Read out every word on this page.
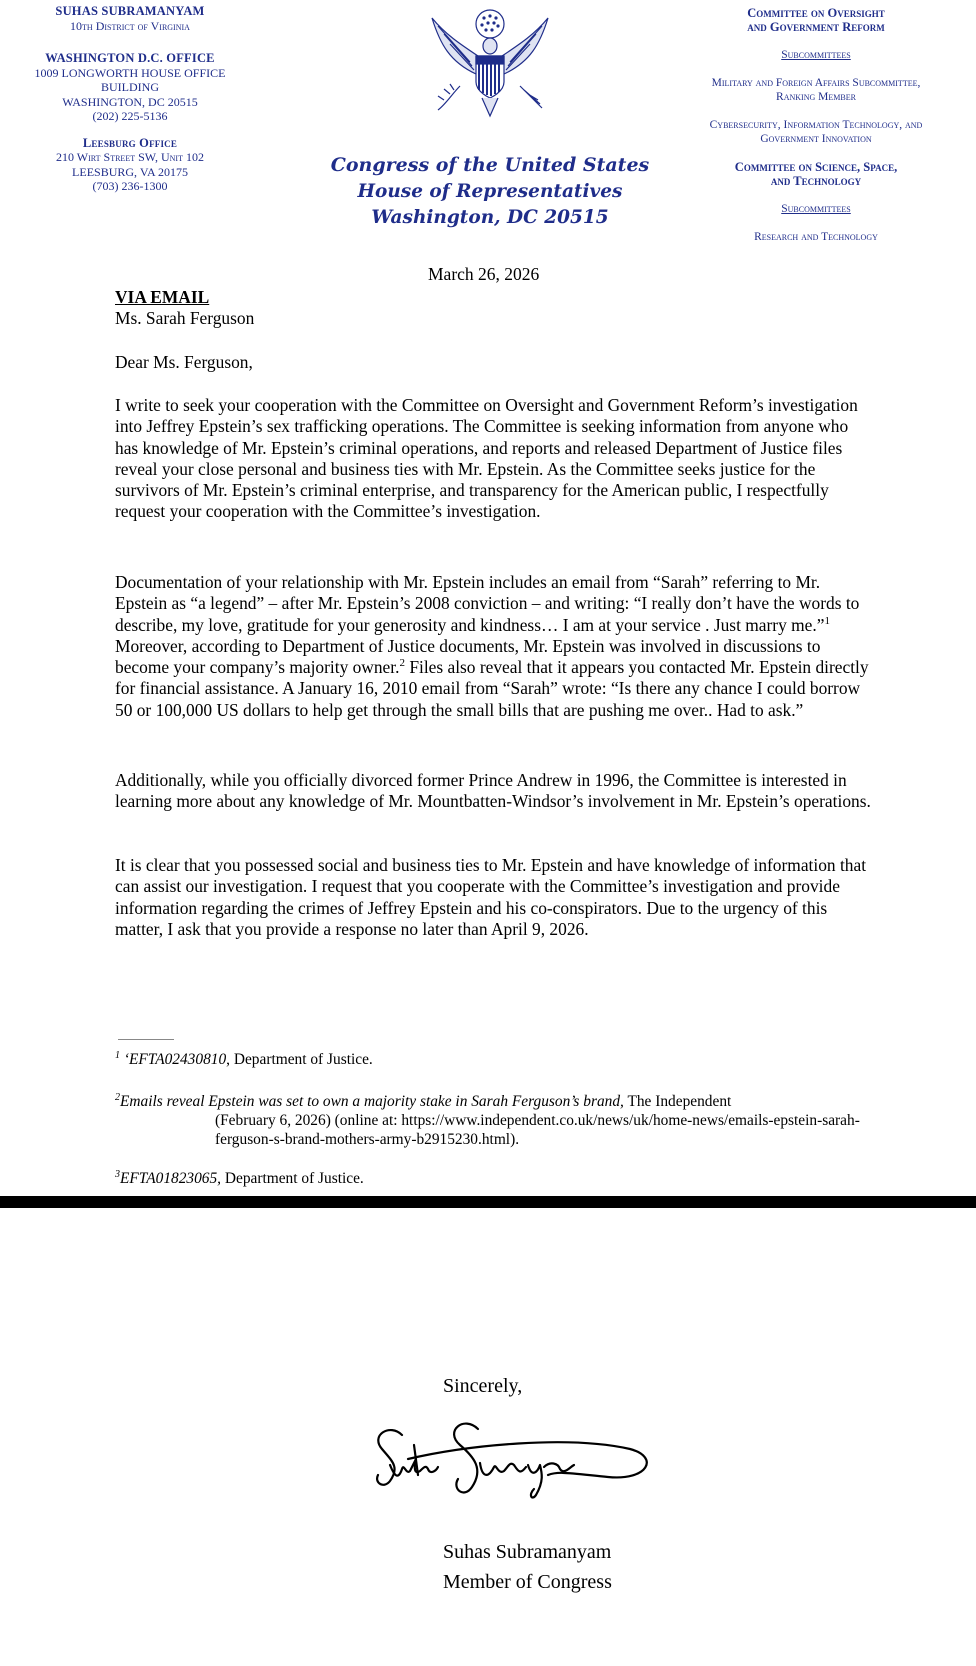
SUHAS SUBRAMANYAM
10th District of Virginia
WASHINGTON D.C. OFFICE
1009 LONGWORTH HOUSE OFFICE
BUILDING
WASHINGTON, DC 20515
(202) 225-5136
Leesburg Office
210 Wirt Street SW, Unit 102
LEESBURG, VA 20175
(703) 236-1300
Congress of the United States
House of Representatives
Washington, DC 20515
Committee on Oversight
and Government Reform
Subcommittees
Military and Foreign Affairs Subcommittee,
Ranking Member
Cybersecurity, Information Technology, and
Government Innovation
Committee on Science, Space,
and Technology
Subcommittees
Research and Technology
March 26, 2026
VIA EMAIL
Ms. Sarah Ferguson
Dear Ms. Ferguson,
I write to seek your cooperation with the Committee on Oversight and Government Reform’s investigation into Jeffrey Epstein’s sex trafficking operations. The Committee is seeking information from anyone who has knowledge of Mr. Epstein’s criminal operations, and reports and released Department of Justice files reveal your close personal and business ties with Mr. Epstein. As the Committee seeks justice for the survivors of Mr. Epstein’s criminal enterprise, and transparency for the American public, I respectfully request your cooperation with the Committee’s investigation.
Documentation of your relationship with Mr. Epstein includes an email from “Sarah” referring to Mr. Epstein as “a legend” – after Mr. Epstein’s 2008 conviction – and writing: “I really don’t have the words to describe, my love, gratitude for your generosity and kindness… I am at your service . Just marry me.”$^1$ Moreover, according to Department of Justice documents, Mr. Epstein was involved in discussions to become your company’s majority owner.$^2$ Files also reveal that it appears you contacted Mr. Epstein directly for financial assistance. A January 16, 2010 email from “Sarah” wrote: “Is there any chance I could borrow 50 or 100,000 US dollars to help get through the small bills that are pushing me over.. Had to ask.”
Additionally, while you officially divorced former Prince Andrew in 1996, the Committee is interested in learning more about any knowledge of Mr. Mountbatten-Windsor’s involvement in Mr. Epstein’s operations.
It is clear that you possessed social and business ties to Mr. Epstein and have knowledge of information that can assist our investigation. I request that you cooperate with the Committee’s investigation and provide information regarding the crimes of Jeffrey Epstein and his co-conspirators. Due to the urgency of this matter, I ask that you provide a response no later than April 9, 2026.
$^1$ ‘EFTA02430810, Department of Justice.
$^2$Emails reveal Epstein was set to own a majority stake in Sarah Ferguson’s brand, The Independent
(February 6, 2026) (online at: https://www.independent.co.uk/news/uk/home-news/emails-epstein-sarah-ferguson-s-brand-mothers-army-b2915230.html).
$^3$EFTA01823065, Department of Justice.
Sincerely,
Suhas Subramanyam
Member of Congress
